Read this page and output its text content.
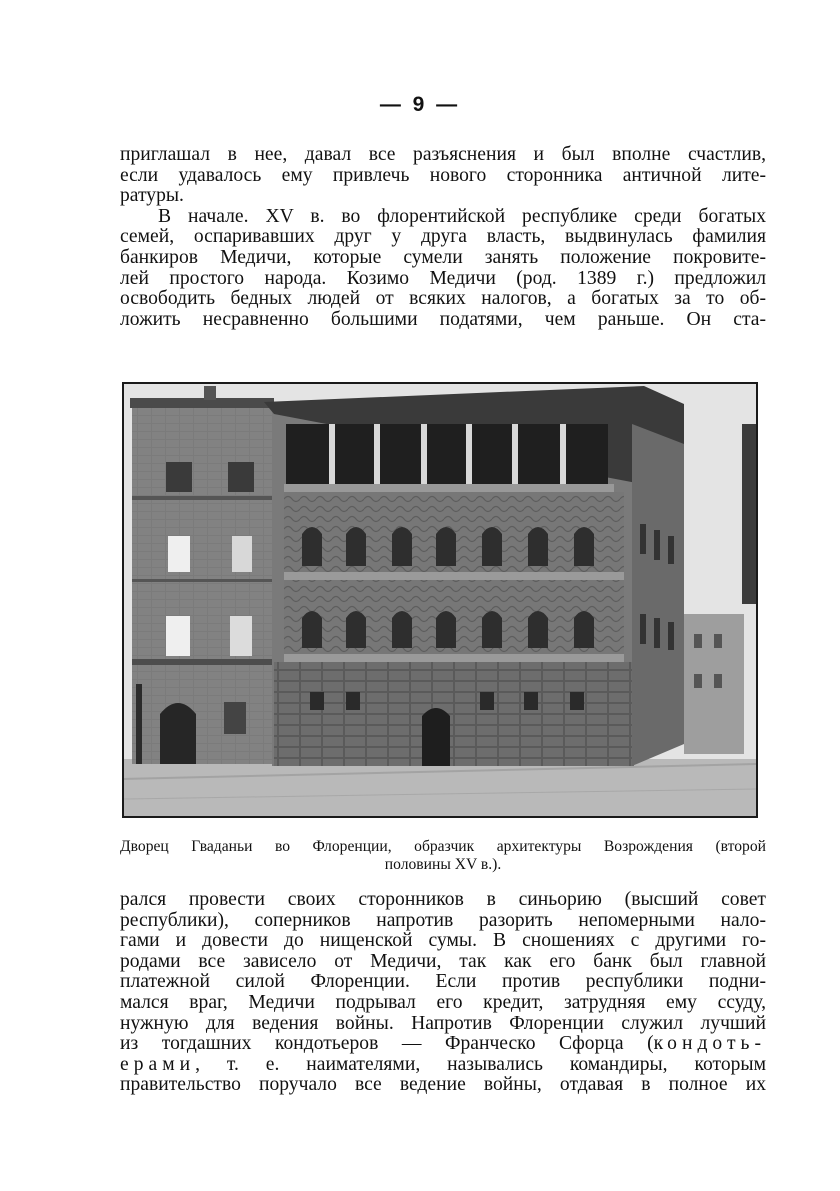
— 9 —
приглашал в нее, давал все разъяснения и был вполне счастлив,
если удавалось ему привлечь нового сторонника античной лите-
ратуры.
В начале. XV в. во флорентийской республике среди богатых
семей, оспаривавших друг у друга власть, выдвинулась фамилия
банкиров Медичи, которые сумели занять положение покровите-
лей простого народа. Козимо Медичи (род. 1389 г.) предложил
освободить бедных людей от всяких налогов, а богатых за то об-
ложить несравненно большими податями, чем раньше. Он ста-
Дворец Гваданьи во Флоренции, образчик архитектуры Возрождения (второй
половины XV в.).
рался провести своих сторонников в синьорию (высший совет
республики), соперников напротив разорить непомерными нало-
гами и довести до нищенской сумы. В сношениях с другими го-
родами все зависело от Медичи, так как его банк был главной
платежной силой Флоренции. Если против республики подни-
мался враг, Медичи подрывал его кредит, затрудняя ему ссуду,
нужную для ведения войны. Напротив Флоренции служил лучший
из тогдашних кондотьеров — Франческо Сфорца (кондоть-
ерами, т. е. наимателями, назывались командиры, которым
правительство поручало все ведение войны, отдавая в полное их
